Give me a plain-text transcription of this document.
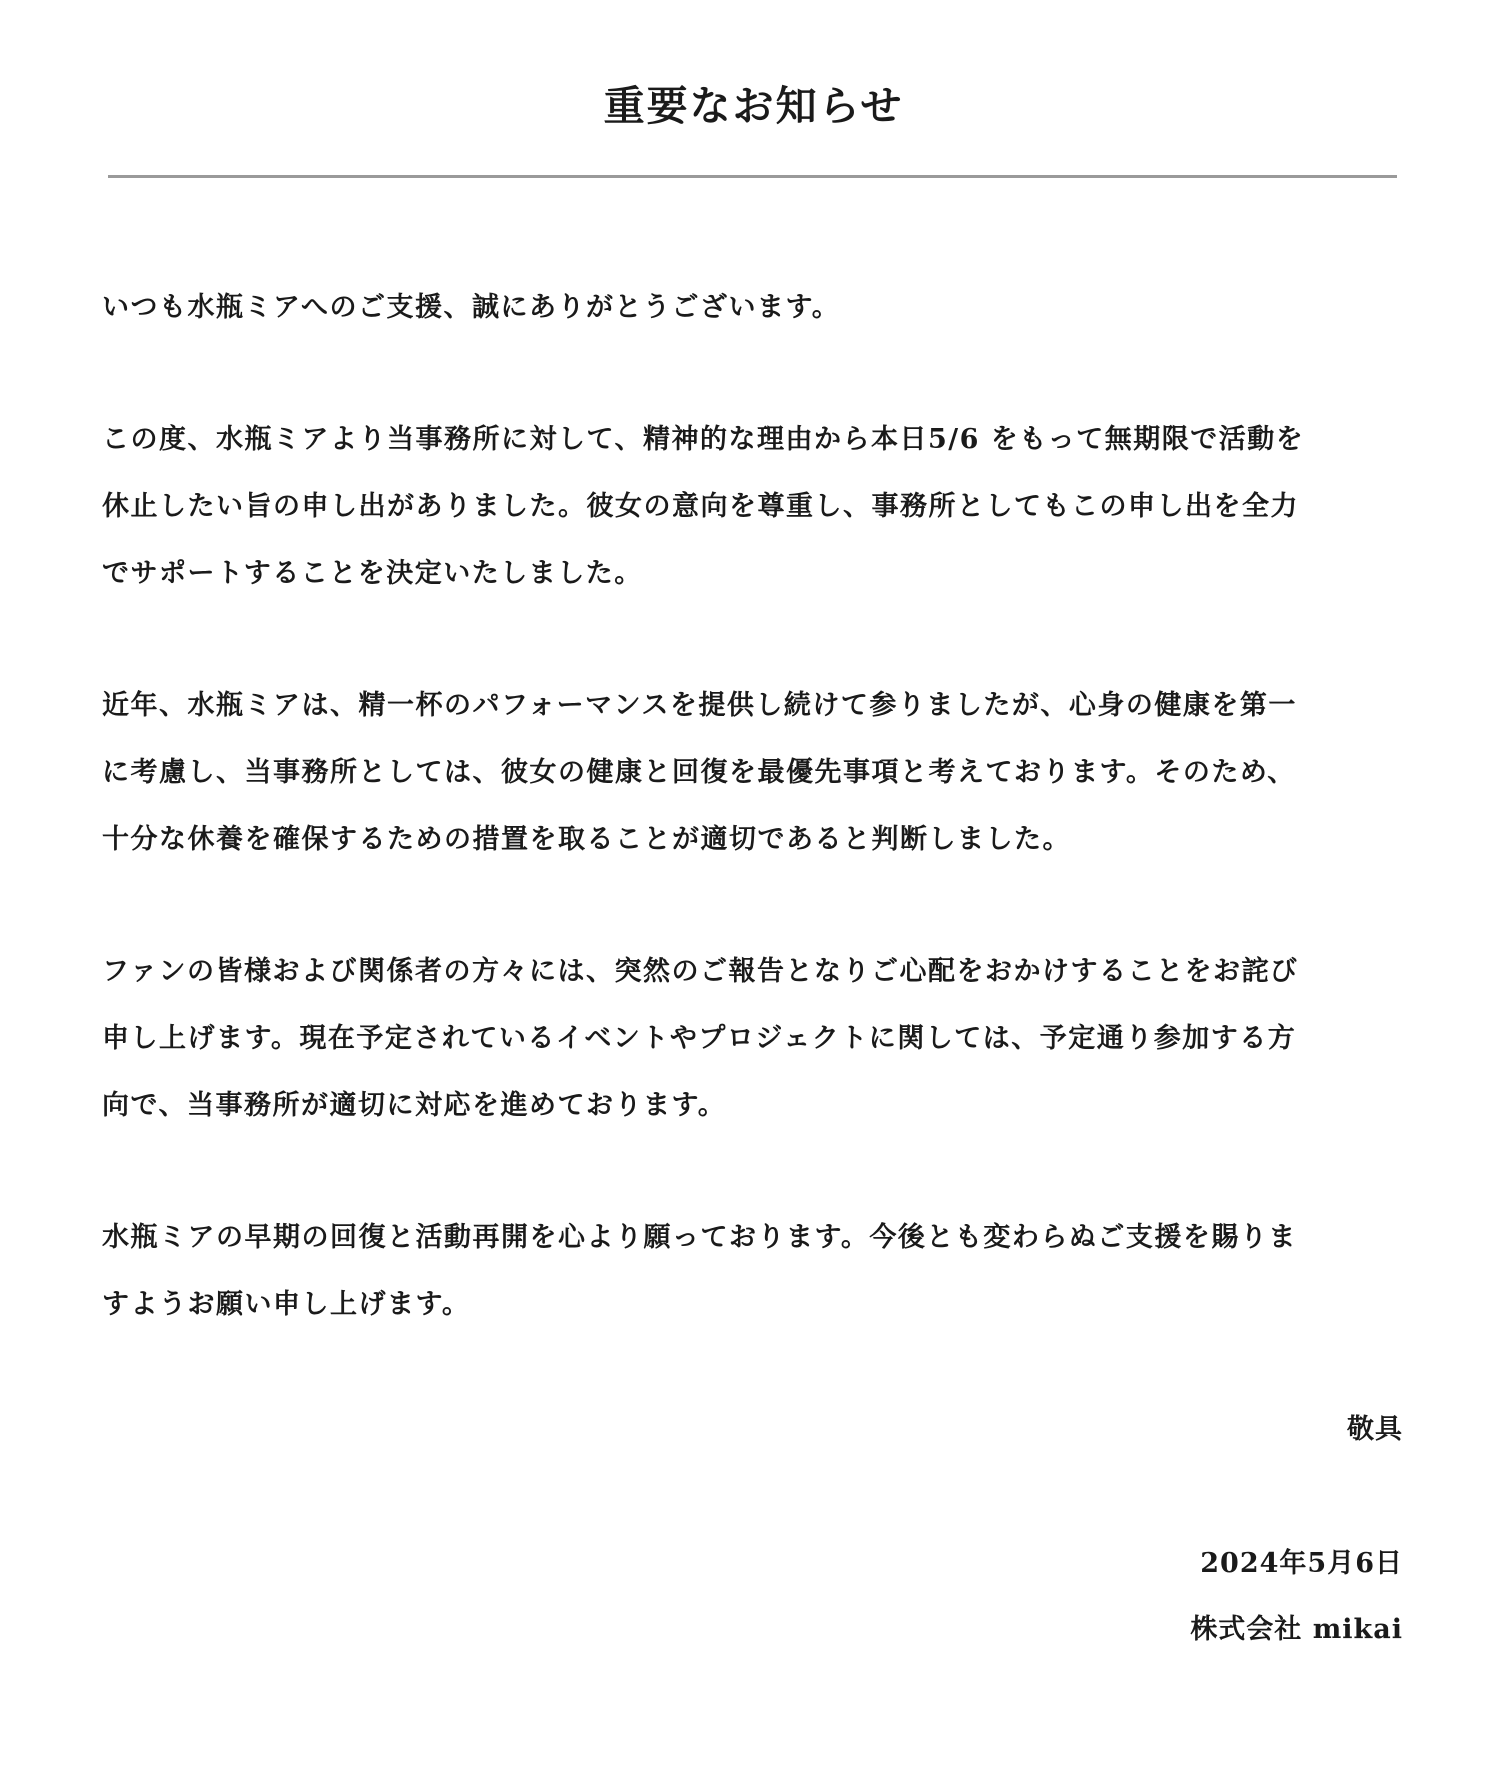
重要なお知らせ

いつも水瓶ミアへのご支援、誠にありがとうございます。

この度、水瓶ミアより当事務所に対して、精神的な理由から本日5/6 をもって無期限で活動を
休止したい旨の申し出がありました。彼女の意向を尊重し、事務所としてもこの申し出を全力
でサポートすることを決定いたしました。

近年、水瓶ミアは、精一杯のパフォーマンスを提供し続けて参りましたが、心身の健康を第一
に考慮し、当事務所としては、彼女の健康と回復を最優先事項と考えております。そのため、
十分な休養を確保するための措置を取ることが適切であると判断しました。

ファンの皆様および関係者の方々には、突然のご報告となりご心配をおかけすることをお詫び
申し上げます。現在予定されているイベントやプロジェクトに関しては、予定通り参加する方
向で、当事務所が適切に対応を進めております。

水瓶ミアの早期の回復と活動再開を心より願っております。今後とも変わらぬご支援を賜りま
すようお願い申し上げます。

敬具
2024年5月6日
株式会社 mikai
